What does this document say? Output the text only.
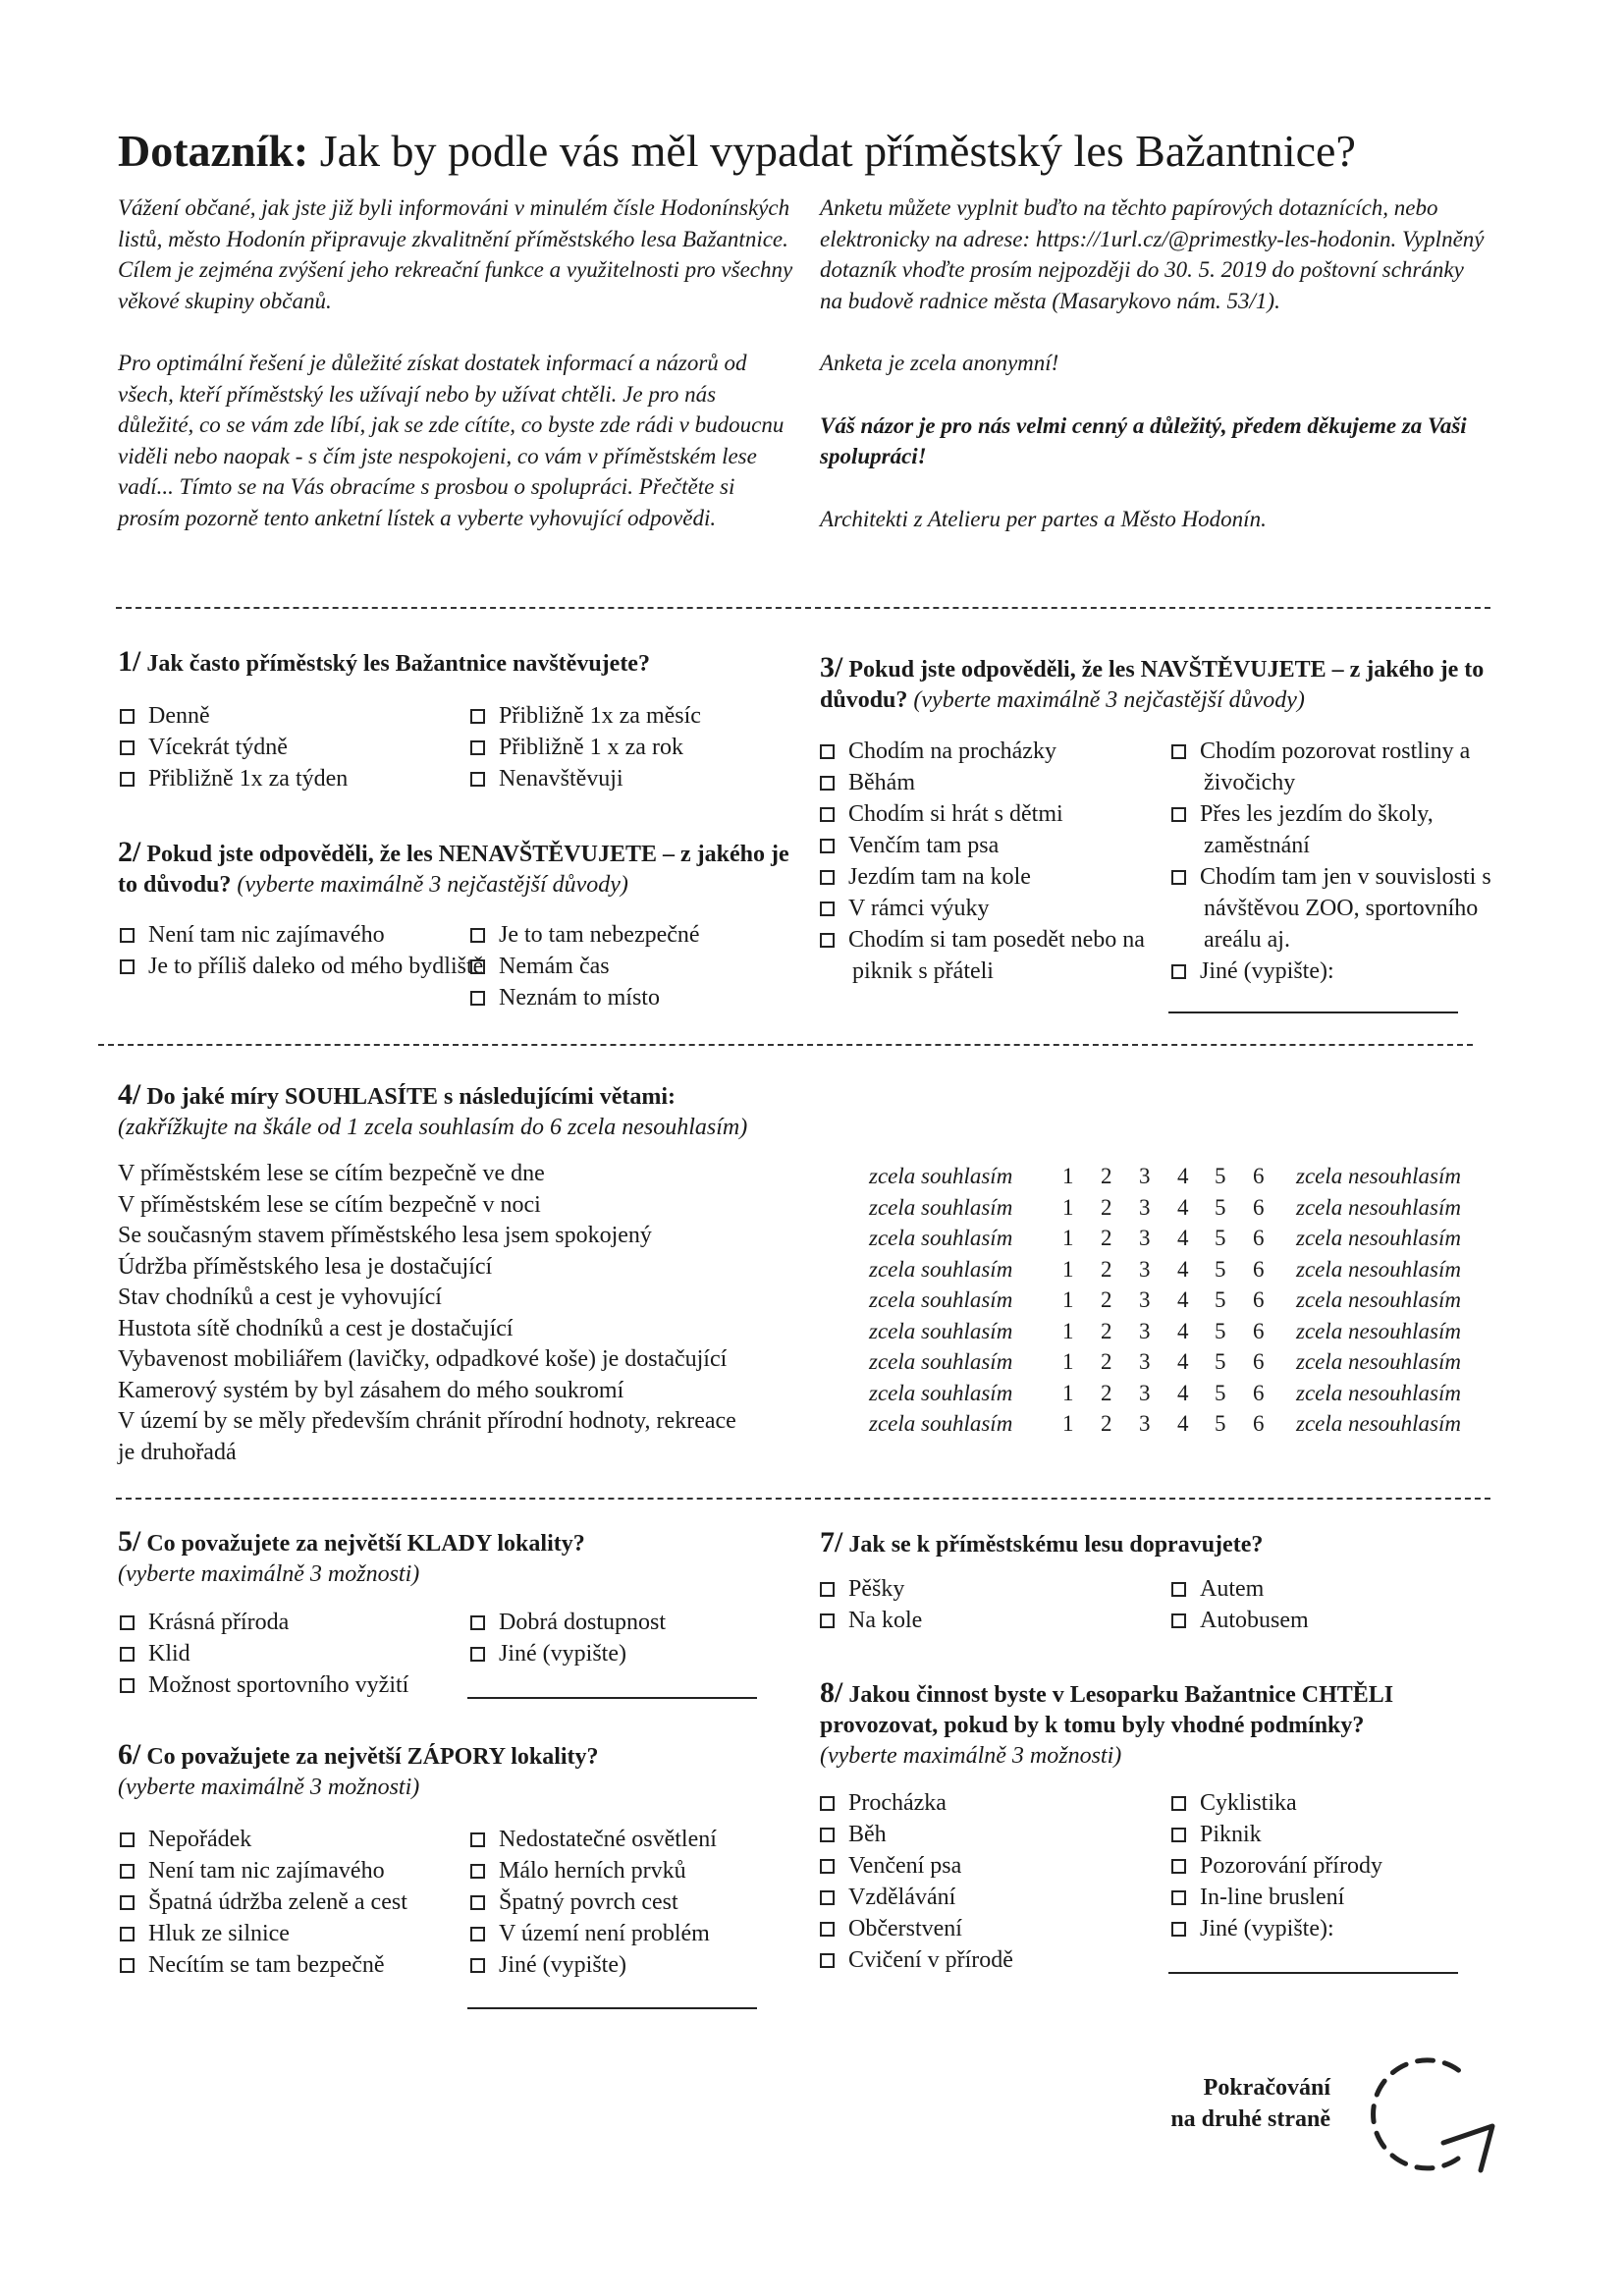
Dotazník: Jak by podle vás měl vypadat příměstský les Bažantnice?

Vážení občané, jak jste již byli informováni v minulém čísle Hodonínských listů, město Hodonín připravuje zkvalitnění příměstského lesa Bažantnice. Cílem je zejména zvýšení jeho rekreační funkce a využitelnosti pro všechny věkové skupiny občanů.

Pro optimální řešení je důležité získat dostatek informací a názorů od všech, kteří příměstský les užívají nebo by užívat chtěli. Je pro nás důležité, co se vám zde líbí, jak se zde cítíte, co byste zde rádi v budoucnu viděli nebo naopak - s čím jste nespokojeni, co vám v příměstském lese vadí... Tímto se na Vás obracíme s prosbou o spolupráci. Přečtěte si prosím pozorně tento anketní lístek a vyberte vyhovující odpovědi.

Anketu můžete vyplnit buďto na těchto papírových dotaznících, nebo elektronicky na adrese: https://1url.cz/@primestky-les-hodonin. Vyplněný dotazník vhoďte prosím nejpozději do 30. 5. 2019 do poštovní schránky na budově radnice města (Masarykovo nám. 53/1).

Anketa je zcela anonymní!

Váš názor je pro nás velmi cenný a důležitý, předem děkujeme za Vaši spolupráci!

Architekti z Atelieru per partes a Město Hodonín.

1/ Jak často příměstský les Bažantnice navštěvujete?
Denně
Vícekrát týdně
Přibližně 1x za týden
Přibližně 1x za měsíc
Přibližně 1 x za rok
Nenavštěvuji
2/ Pokud jste odpověděli, že les NENAVŠTĚVUJETE – z jakého je to důvodu? (vyberte maximálně 3 nejčastější důvody)
Není tam nic zajímavého
Je to příliš daleko od mého bydliště
Je to tam nebezpečné
Nemám čas
Neznám to místo
3/ Pokud jste odpověděli, že les NAVŠTĚVUJETE – z jakého je to důvodu? (vyberte maximálně 3 nejčastější důvody)
Chodím na procházky
Běhám
Chodím si hrát s dětmi
Venčím tam psa
Jezdím tam na kole
V rámci výuky
Chodím si tam posedět nebo na piknik s přáteli
Chodím pozorovat rostliny a živočichy
Přes les jezdím do školy, zaměstnání
Chodím tam jen v souvislosti s návštěvou ZOO, sportovního areálu aj.
Jiné (vypište):
4/ Do jaké míry SOUHLASÍTE s následujícími větami:
(zakřížkujte na škále od 1 zcela souhlasím do 6 zcela nesouhlasím)
V příměstském lese se cítím bezpečně ve dne
V příměstském lese se cítím bezpečně v noci
Se současným stavem příměstského lesa jsem spokojený
Údržba příměstského lesa je dostačující
Stav chodníků a cest je vyhovující
Hustota sítě chodníků a cest je dostačující
Vybavenost mobiliářem (lavičky, odpadkové koše) je dostačující
Kamerový systém by byl zásahem do mého soukromí
V území by se měly především chránit přírodní hodnoty, rekreace je druhořadá
zcela souhlasím 1 2 3 4 5 6 zcela nesouhlasím
zcela souhlasím 1 2 3 4 5 6 zcela nesouhlasím
zcela souhlasím 1 2 3 4 5 6 zcela nesouhlasím
zcela souhlasím 1 2 3 4 5 6 zcela nesouhlasím
zcela souhlasím 1 2 3 4 5 6 zcela nesouhlasím
zcela souhlasím 1 2 3 4 5 6 zcela nesouhlasím
zcela souhlasím 1 2 3 4 5 6 zcela nesouhlasím
zcela souhlasím 1 2 3 4 5 6 zcela nesouhlasím
zcela souhlasím 1 2 3 4 5 6 zcela nesouhlasím
5/ Co považujete za největší KLADY lokality?
(vyberte maximálně 3 možnosti)
Krásná příroda
Klid
Možnost sportovního vyžití
Dobrá dostupnost
Jiné (vypište)
6/ Co považujete za největší ZÁPORY lokality?
(vyberte maximálně 3 možnosti)
Nepořádek
Není tam nic zajímavého
Špatná údržba zeleně a cest
Hluk ze silnice
Necítím se tam bezpečně
Nedostatečné osvětlení
Málo herních prvků
Špatný povrch cest
V území není problém
Jiné (vypište)
7/ Jak se k příměstskému lesu dopravujete?
Pěšky
Na kole
Autem
Autobusem
8/ Jakou činnost byste v Lesoparku Bažantnice CHTĚLI provozovat, pokud by k tomu byly vhodné podmínky?
(vyberte maximálně 3 možnosti)
Procházka
Běh
Venčení psa
Vzdělávání
Občerstvení
Cvičení v přírodě
Cyklistika
Piknik
Pozorování přírody
In-line bruslení
Jiné (vypište):
Pokračování
na druhé straně
